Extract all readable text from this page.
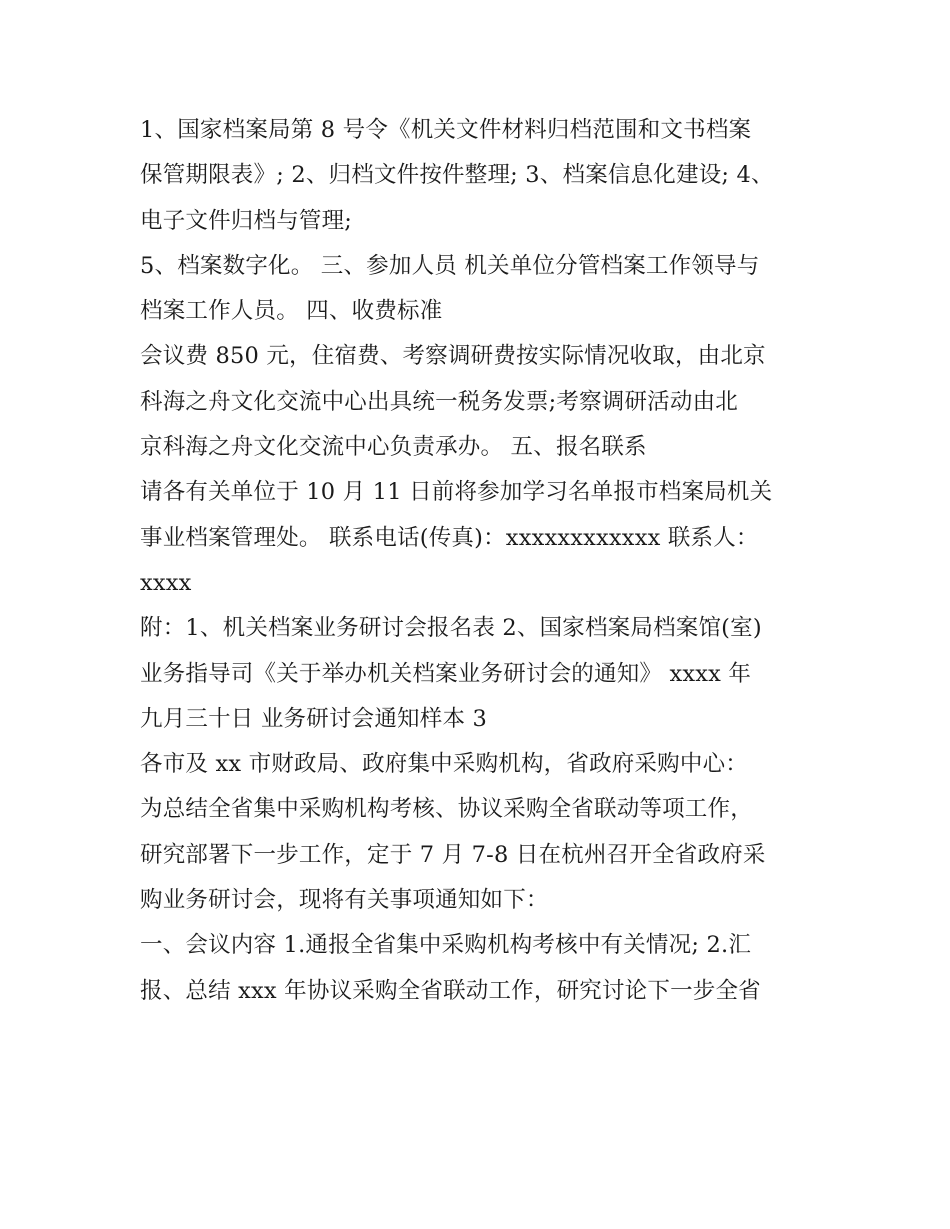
1、国家档案局第 8 号令《机关文件材料归档范围和文书档案
保管期限表》; 2、归档文件按件整理; 3、档案信息化建设; 4、
电子文件归档与管理;
5、档案数字化。 三、参加人员 机关单位分管档案工作领导与
档案工作人员。 四、收费标准
会议费 850 元，住宿费、考察调研费按实际情况收取，由北京
科海之舟文化交流中心出具统一税务发票;考察调研活动由北
京科海之舟文化交流中心负责承办。 五、报名联系
请各有关单位于 10 月 11 日前将参加学习名单报市档案局机关
事业档案管理处。 联系电话(传真)：xxxxxxxxxxxx 联系人：
xxxx
附：1、机关档案业务研讨会报名表 2、国家档案局档案馆(室)
业务指导司《关于举办机关档案业务研讨会的通知》 xxxx 年
九月三十日 业务研讨会通知样本 3
各市及 xx 市财政局、政府集中采购机构，省政府采购中心：
为总结全省集中采购机构考核、协议采购全省联动等项工作，
研究部署下一步工作，定于 7 月 7-8 日在杭州召开全省政府采
购业务研讨会，现将有关事项通知如下：
一、会议内容 1.通报全省集中采购机构考核中有关情况; 2.汇
报、总结 xxx 年协议采购全省联动工作，研究讨论下一步全省
